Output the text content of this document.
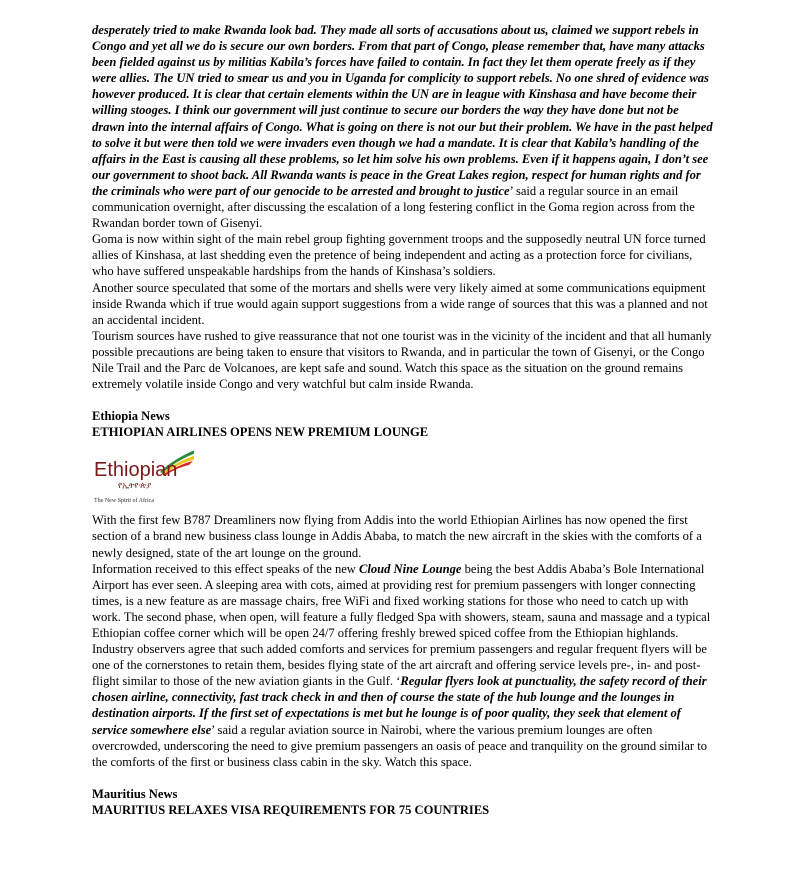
desperately tried to make Rwanda look bad. They made all sorts of accusations about us, claimed we support rebels in Congo and yet all we do is secure our own borders. From that part of Congo, please remember that, have many attacks been fielded against us by militias Kabila’s forces have failed to contain. In fact they let them operate freely as if they were allies. The UN tried to smear us and you in Uganda for complicity to support rebels. No one shred of evidence was however produced. It is clear that certain elements within the UN are in league with Kinshasa and have become their willing stooges. I think our government will just continue to secure our borders the way they have done but not be drawn into the internal affairs of Congo. What is going on there is not our but their problem. We have in the past helped to solve it but were then told we were invaders even though we had a mandate. It is clear that Kabila’s handling of the affairs in the East is causing all these problems, so let him solve his own problems. Even if it happens again, I don’t see our government to shoot back. All Rwanda wants is peace in the Great Lakes region, respect for human rights and for the criminals who were part of our genocide to be arrested and brought to justice’ said a regular source in an email communication overnight, after discussing the escalation of a long festering conflict in the Goma region across from the Rwandan border town of Gisenyi.

Goma is now within sight of the main rebel group fighting government troops and the supposedly neutral UN force turned allies of Kinshasa, at last shedding even the pretence of being independent and acting as a protection force for civilians, who have suffered unspeakable hardships from the hands of Kinshasa’s soldiers.

Another source speculated that some of the mortars and shells were very likely aimed at some communications equipment inside Rwanda which if true would again support suggestions from a wide range of sources that this was a planned and not an accidental incident.

Tourism sources have rushed to give reassurance that not one tourist was in the vicinity of the incident and that all humanly possible precautions are being taken to ensure that visitors to Rwanda, and in particular the town of Gisenyi, or the Congo Nile Trail and the Parc de Volcanoes, are kept safe and sound. Watch this space as the situation on the ground remains extremely volatile inside Congo and very watchful but calm inside Rwanda.

Ethiopia News

ETHIOPIAN AIRLINES OPENS NEW PREMIUM LOUNGE

Ethiopian
የኢትዮጵያ
The New Spirit of Africa

With the first few B787 Dreamliners now flying from Addis into the world Ethiopian Airlines has now opened the first section of a brand new business class lounge in Addis Ababa, to match the new aircraft in the skies with the comforts of a newly designed, state of the art lounge on the ground.

Information received to this effect speaks of the new Cloud Nine Lounge being the best Addis Ababa’s Bole International Airport has ever seen. A sleeping area with cots, aimed at providing rest for premium passengers with longer connecting times, is a new feature as are massage chairs, free WiFi and fixed working stations for those who need to catch up with work. The second phase, when open, will feature a fully fledged Spa with showers, steam, sauna and massage and a typical Ethiopian coffee corner which will be open 24/7 offering freshly brewed spiced coffee from the Ethiopian highlands.

Industry observers agree that such added comforts and services for premium passengers and regular frequent flyers will be one of the cornerstones to retain them, besides flying state of the art aircraft and offering service levels pre-, in- and post-flight similar to those of the new aviation giants in the Gulf. ‘Regular flyers look at punctuality, the safety record of their chosen airline, connectivity, fast track check in and then of course the state of the hub lounge and the lounges in destination airports. If the first set of expectations is met but he lounge is of poor quality, they seek that element of service somewhere else’ said a regular aviation source in Nairobi, where the various premium lounges are often overcrowded, underscoring the need to give premium passengers an oasis of peace and tranquility on the ground similar to the comforts of the first or business class cabin in the sky. Watch this space.

Mauritius News

MAURITIUS RELAXES VISA REQUIREMENTS FOR 75 COUNTRIES
